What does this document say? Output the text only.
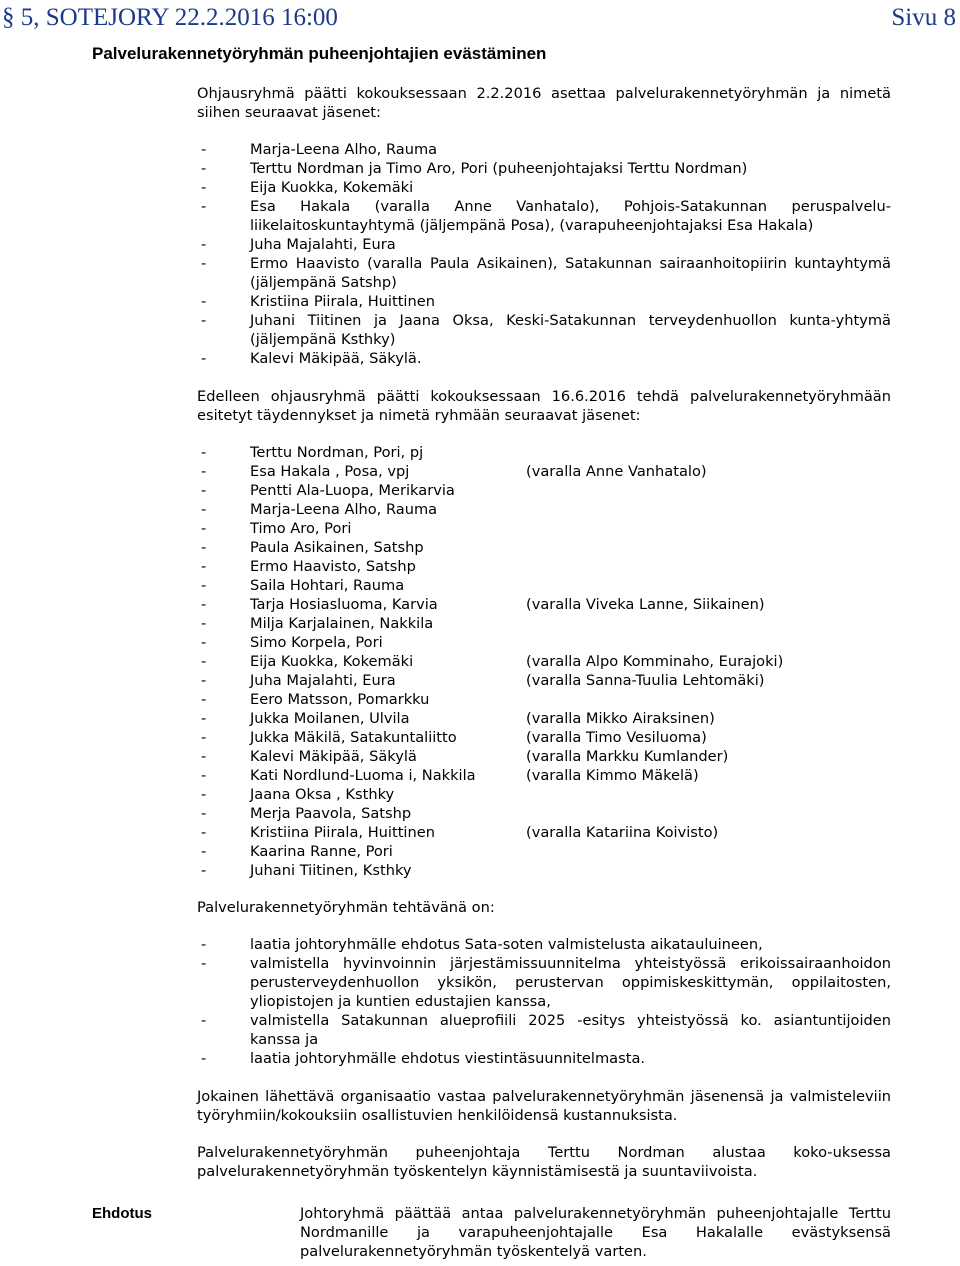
§ 5, SOTEJORY 22.2.2016 16:00	Sivu 8
Palvelurakennetyöryhmän puheenjohtajien evästäminen

Ohjausryhmä päätti kokouksessaan 2.2.2016 asettaa palvelurakennetyöryhmän ja nimetä siihen seuraavat jäsenet:

- Marja-Leena Alho, Rauma
- Terttu Nordman ja Timo Aro, Pori (puheenjohtajaksi Terttu Nordman)
- Eija Kuokka, Kokemäki
- Esa Hakala (varalla Anne Vanhatalo), Pohjois-Satakunnan peruspalvelu-liikelaitoskuntayhtymä (jäljempänä Posa), (varapuheenjohtajaksi Esa Hakala)
- Juha Majalahti, Eura
- Ermo Haavisto (varalla Paula Asikainen), Satakunnan sairaanhoitopiirin kuntayhtymä (jäljempänä Satshp)
- Kristiina Piirala, Huittinen
- Juhani Tiitinen ja Jaana Oksa, Keski-Satakunnan terveydenhuollon kunta-yhtymä (jäljempänä Ksthky)
- Kalevi Mäkipää, Säkylä.

Edelleen ohjausryhmä päätti kokouksessaan 16.6.2016 tehdä palvelurakennetyöryhmään esitetyt täydennykset ja nimetä ryhmään seuraavat jäsenet:

- Terttu Nordman, Pori, pj
- Esa Hakala , Posa, vpj	(varalla Anne Vanhatalo)
- Pentti Ala-Luopa, Merikarvia
- Marja-Leena Alho, Rauma
- Timo Aro, Pori
- Paula Asikainen, Satshp
- Ermo Haavisto, Satshp
- Saila Hohtari, Rauma
- Tarja Hosiasluoma, Karvia	(varalla Viveka Lanne, Siikainen)
- Milja Karjalainen, Nakkila
- Simo Korpela, Pori
- Eija Kuokka, Kokemäki	(varalla Alpo Komminaho, Eurajoki)
- Juha Majalahti, Eura	(varalla Sanna-Tuulia Lehtomäki)
- Eero Matsson, Pomarkku
- Jukka Moilanen, Ulvila	(varalla Mikko Airaksinen)
- Jukka Mäkilä, Satakuntaliitto	(varalla Timo Vesiluoma)
- Kalevi Mäkipää, Säkylä	(varalla Markku Kumlander)
- Kati Nordlund-Luoma i, Nakkila	(varalla Kimmo Mäkelä)
- Jaana Oksa , Ksthky
- Merja Paavola, Satshp
- Kristiina Piirala, Huittinen	(varalla Katariina Koivisto)
- Kaarina Ranne, Pori
- Juhani Tiitinen, Ksthky

Palvelurakennetyöryhmän tehtävänä on:

- laatia johtoryhmälle ehdotus Sata-soten valmistelusta aikatauluineen,
- valmistella hyvinvoinnin järjestämissuunnitelma yhteistyössä erikoissairaanhoidon perusterveydenhuollon yksikön, perustervan oppimiskeskittymän, oppilaitosten, yliopistojen ja kuntien edustajien kanssa,
- valmistella Satakunnan alueprofiili 2025 -esitys yhteistyössä ko. asiantuntijoiden kanssa ja
- laatia johtoryhmälle ehdotus viestintäsuunnitelmasta.

Jokainen lähettävä organisaatio vastaa palvelurakennetyöryhmän jäsenensä ja valmisteleviin työryhmiin/kokouksiin osallistuvien henkilöidensä kustannuksista.

Palvelurakennetyöryhmän puheenjohtaja Terttu Nordman alustaa koko-uksessa palvelurakennetyöryhmän työskentelyn käynnistämisestä ja suuntaviivoista.

Ehdotus	Johtoryhmä päättää antaa palvelurakennetyöryhmän puheenjohtajalle Terttu Nordmanille ja varapuheenjohtajalle Esa Hakalalle evästyksensä palvelurakennetyöryhmän työskentelyä varten.
